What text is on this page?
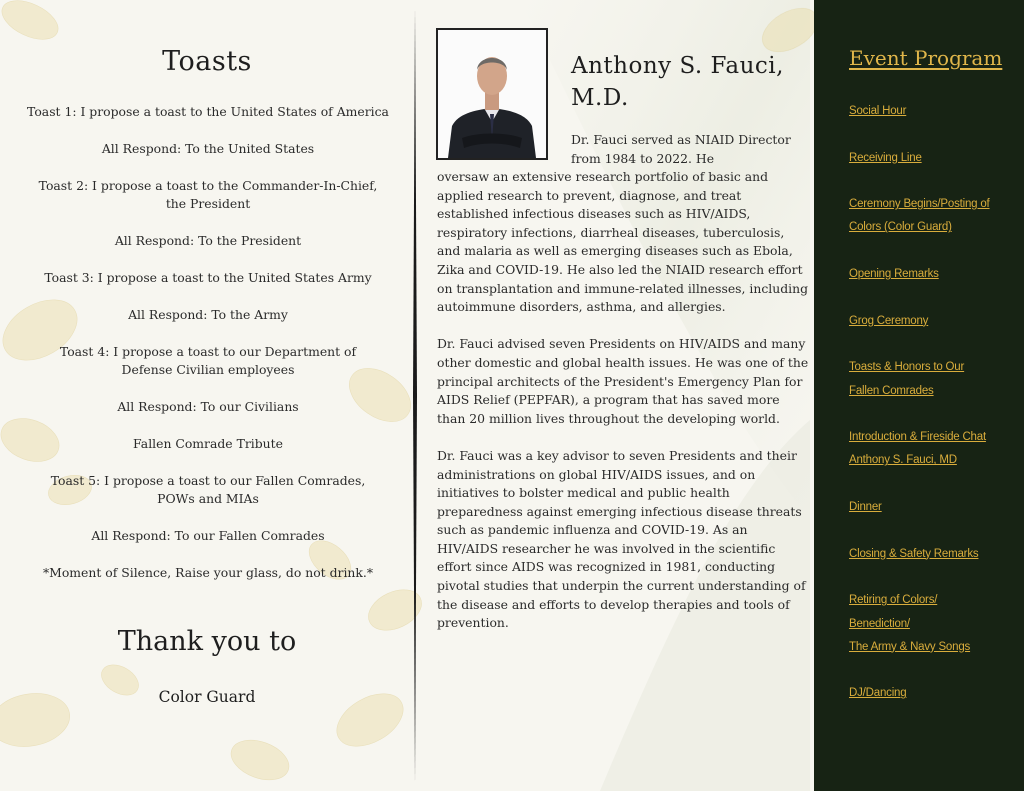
Toasts
Toast 1: I propose a toast to the United States of America
All Respond: To the United States
Toast 2: I propose a toast to the Commander-In-Chief, the President
All Respond: To the President
Toast 3: I propose a toast to the United States Army
All Respond: To the Army
Toast 4: I propose a toast to our Department of Defense Civilian employees
All Respond: To our Civilians
Fallen Comrade Tribute
Toast 5: I propose a toast to our Fallen Comrades, POWs and MIAs
All Respond: To our Fallen Comrades
*Moment of Silence, Raise your glass, do not drink.*
Thank you to
Color Guard
Anthony S. Fauci,
M.D.
Dr. Fauci served as NIAID Director from 1984 to 2022. He

oversaw an extensive research portfolio of basic and applied research to prevent, diagnose, and treat established infectious diseases such as HIV/AIDS, respiratory infections, diarrheal diseases, tuberculosis, and malaria as well as emerging diseases such as Ebola, Zika and COVID-19. He also led the NIAID research effort on transplantation and immune-related illnesses, including autoimmune disorders, asthma, and allergies.

Dr. Fauci advised seven Presidents on HIV/AIDS and many other domestic and global health issues. He was one of the principal architects of the President's Emergency Plan for AIDS Relief (PEPFAR), a program that has saved more than 20 million lives throughout the developing world.

Dr. Fauci was a key advisor to seven Presidents and their administrations on global HIV/AIDS issues, and on initiatives to bolster medical and public health preparedness against emerging infectious disease threats such as pandemic influenza and COVID-19. As an HIV/AIDS researcher he was involved in the scientific effort since AIDS was recognized in 1981, conducting pivotal studies that underpin the current understanding of the disease and efforts to develop therapies and tools of prevention.

Event Program
Social Hour
Receiving Line
Ceremony Begins/Posting of
Colors (Color Guard)
Opening Remarks
Grog Ceremony
Toasts & Honors to Our
Fallen Comrades
Introduction & Fireside Chat
Anthony S. Fauci, MD
Dinner
Closing & Safety Remarks
Retiring of Colors/
Benediction/
The Army & Navy Songs
DJ/Dancing
